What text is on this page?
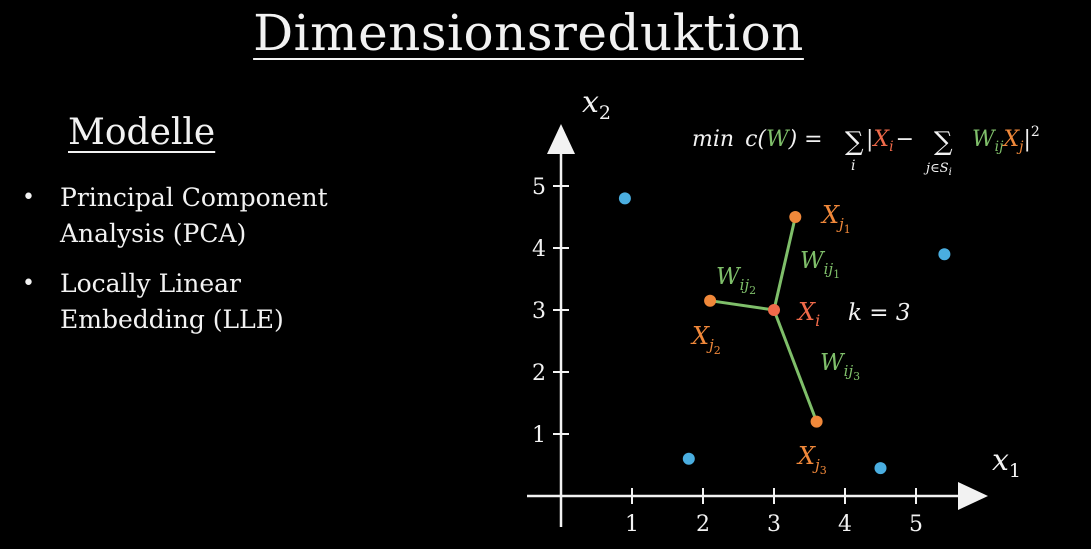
Dimensionsreduktion
Modelle
• Principal Component Analysis (PCA)
• Locally Linear Embedding (LLE)
$x_1$
$x_2$
1	2	3	4	5
1
2
3
4
5
$X_i$
$X_j1$
$X_j2$
$X_j3$
$W_{ij}1$
$W_{ij}2$
$W_{ij}3$
k = 3
min c(W) = ∑
i
$|X_i-$ ∑
$j\in S_i$
$W_{ij}X_j|^2$
